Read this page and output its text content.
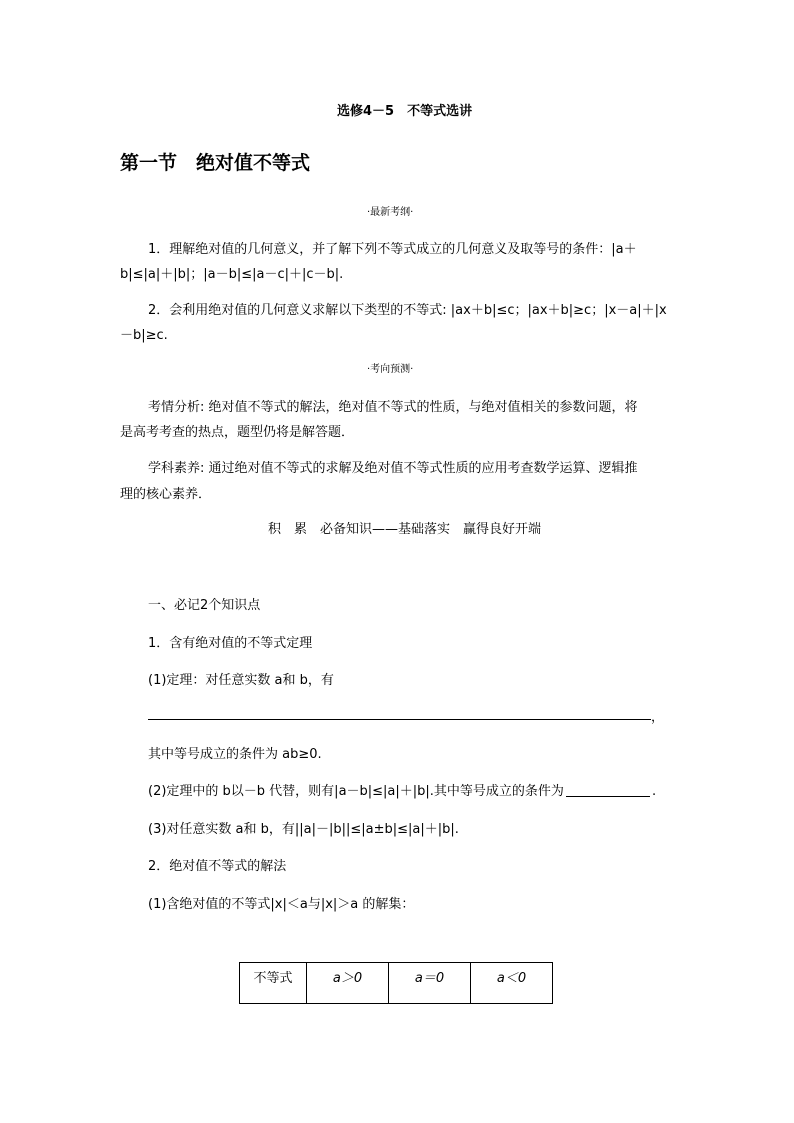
选修4－5　不等式选讲
第一节　绝对值不等式
·最新考纲·
1．理解绝对值的几何意义，并了解下列不等式成立的几何意义及取等号的条件：|a＋
b|≤|a|＋|b|；|a－b|≤|a－c|＋|c－b|.
2．会利用绝对值的几何意义求解以下类型的不等式: |ax＋b|≤c；|ax＋b|≥c；|x－a|＋|x
－b|≥c.
·考向预测·
考情分析: 绝对值不等式的解法，绝对值不等式的性质，与绝对值相关的参数问题，将
是高考考查的热点，题型仍将是解答题．
学科素养: 通过绝对值不等式的求解及绝对值不等式性质的应用考查数学运算、逻辑推
理的核心素养．
积　累　必备知识——基础落实　赢得良好开端
一、必记2个知识点
1．含有绝对值的不等式定理
(1)定理：对任意实数 a和 b，有
，
其中等号成立的条件为 ab≥0.
(2)定理中的 b以－b 代替，则有|a－b|≤|a|＋|b|.其中等号成立的条件为	.
(3)对任意实数 a和 b，有||a|－|b||≤|a±b|≤|a|＋|b|.
2．绝对值不等式的解法
(1)含绝对值的不等式|x|＜a与|x|＞a 的解集：
不等式	a＞0	a＝0	a＜0
